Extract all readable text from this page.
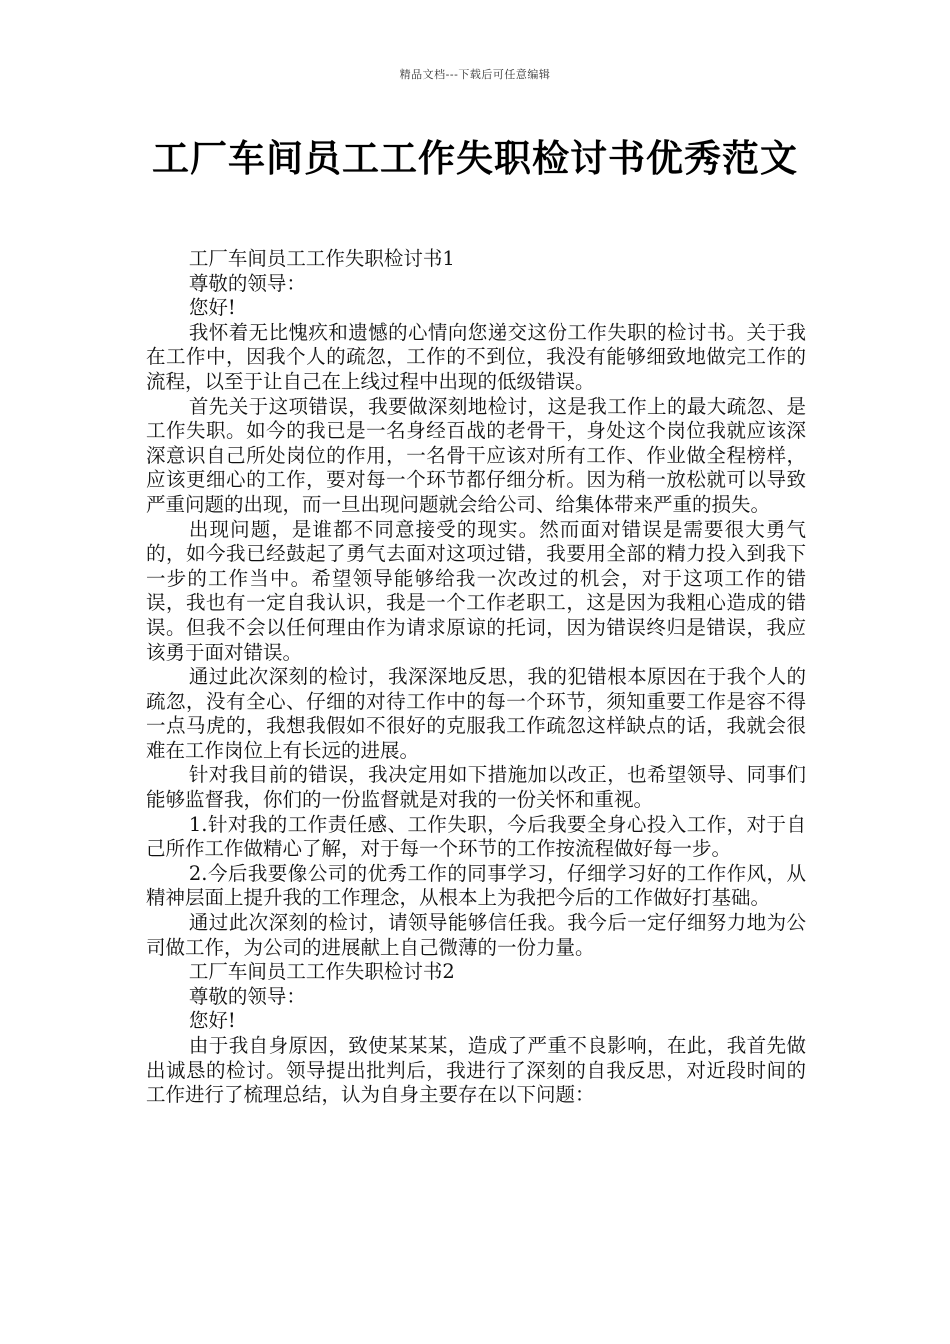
精品文档---下载后可任意编辑
工厂车间员工工作失职检讨书优秀范文

工厂车间员工工作失职检讨书1

尊敬的领导：

您好!

我怀着无比愧疚和遗憾的心情向您递交这份工作失职的检讨书。关于我在工作中，因我个人的疏忽，工作的不到位，我没有能够细致地做完工作的流程，以至于让自己在上线过程中出现的低级错误。

首先关于这项错误，我要做深刻地检讨，这是我工作上的最大疏忽、是工作失职。如今的我已是一名身经百战的老骨干，身处这个岗位我就应该深深意识自己所处岗位的作用，一名骨干应该对所有工作、作业做全程榜样，应该更细心的工作，要对每一个环节都仔细分析。因为稍一放松就可以导致严重问题的出现，而一旦出现问题就会给公司、给集体带来严重的损失。

出现问题，是谁都不同意接受的现实。然而面对错误是需要很大勇气的，如今我已经鼓起了勇气去面对这项过错，我要用全部的精力投入到我下一步的工作当中。希望领导能够给我一次改过的机会，对于这项工作的错误，我也有一定自我认识，我是一个工作老职工，这是因为我粗心造成的错误。但我不会以任何理由作为请求原谅的托词，因为错误终归是错误，我应该勇于面对错误。

通过此次深刻的检讨，我深深地反思，我的犯错根本原因在于我个人的疏忽，没有全心、仔细的对待工作中的每一个环节，须知重要工作是容不得一点马虎的，我想我假如不很好的克服我工作疏忽这样缺点的话，我就会很难在工作岗位上有长远的进展。

针对我目前的错误，我决定用如下措施加以改正，也希望领导、同事们能够监督我，你们的一份监督就是对我的一份关怀和重视。

1.针对我的工作责任感、工作失职，今后我要全身心投入工作，对于自己所作工作做精心了解，对于每一个环节的工作按流程做好每一步。

2.今后我要像公司的优秀工作的同事学习，仔细学习好的工作作风，从精神层面上提升我的工作理念，从根本上为我把今后的工作做好打基础。

通过此次深刻的检讨，请领导能够信任我。我今后一定仔细努力地为公司做工作，为公司的进展献上自己微薄的一份力量。

工厂车间员工工作失职检讨书2

尊敬的领导：

您好!

由于我自身原因，致使某某某，造成了严重不良影响，在此，我首先做出诚恳的检讨。领导提出批判后，我进行了深刻的自我反思，对近段时间的工作进行了梳理总结，认为自身主要存在以下问题：
